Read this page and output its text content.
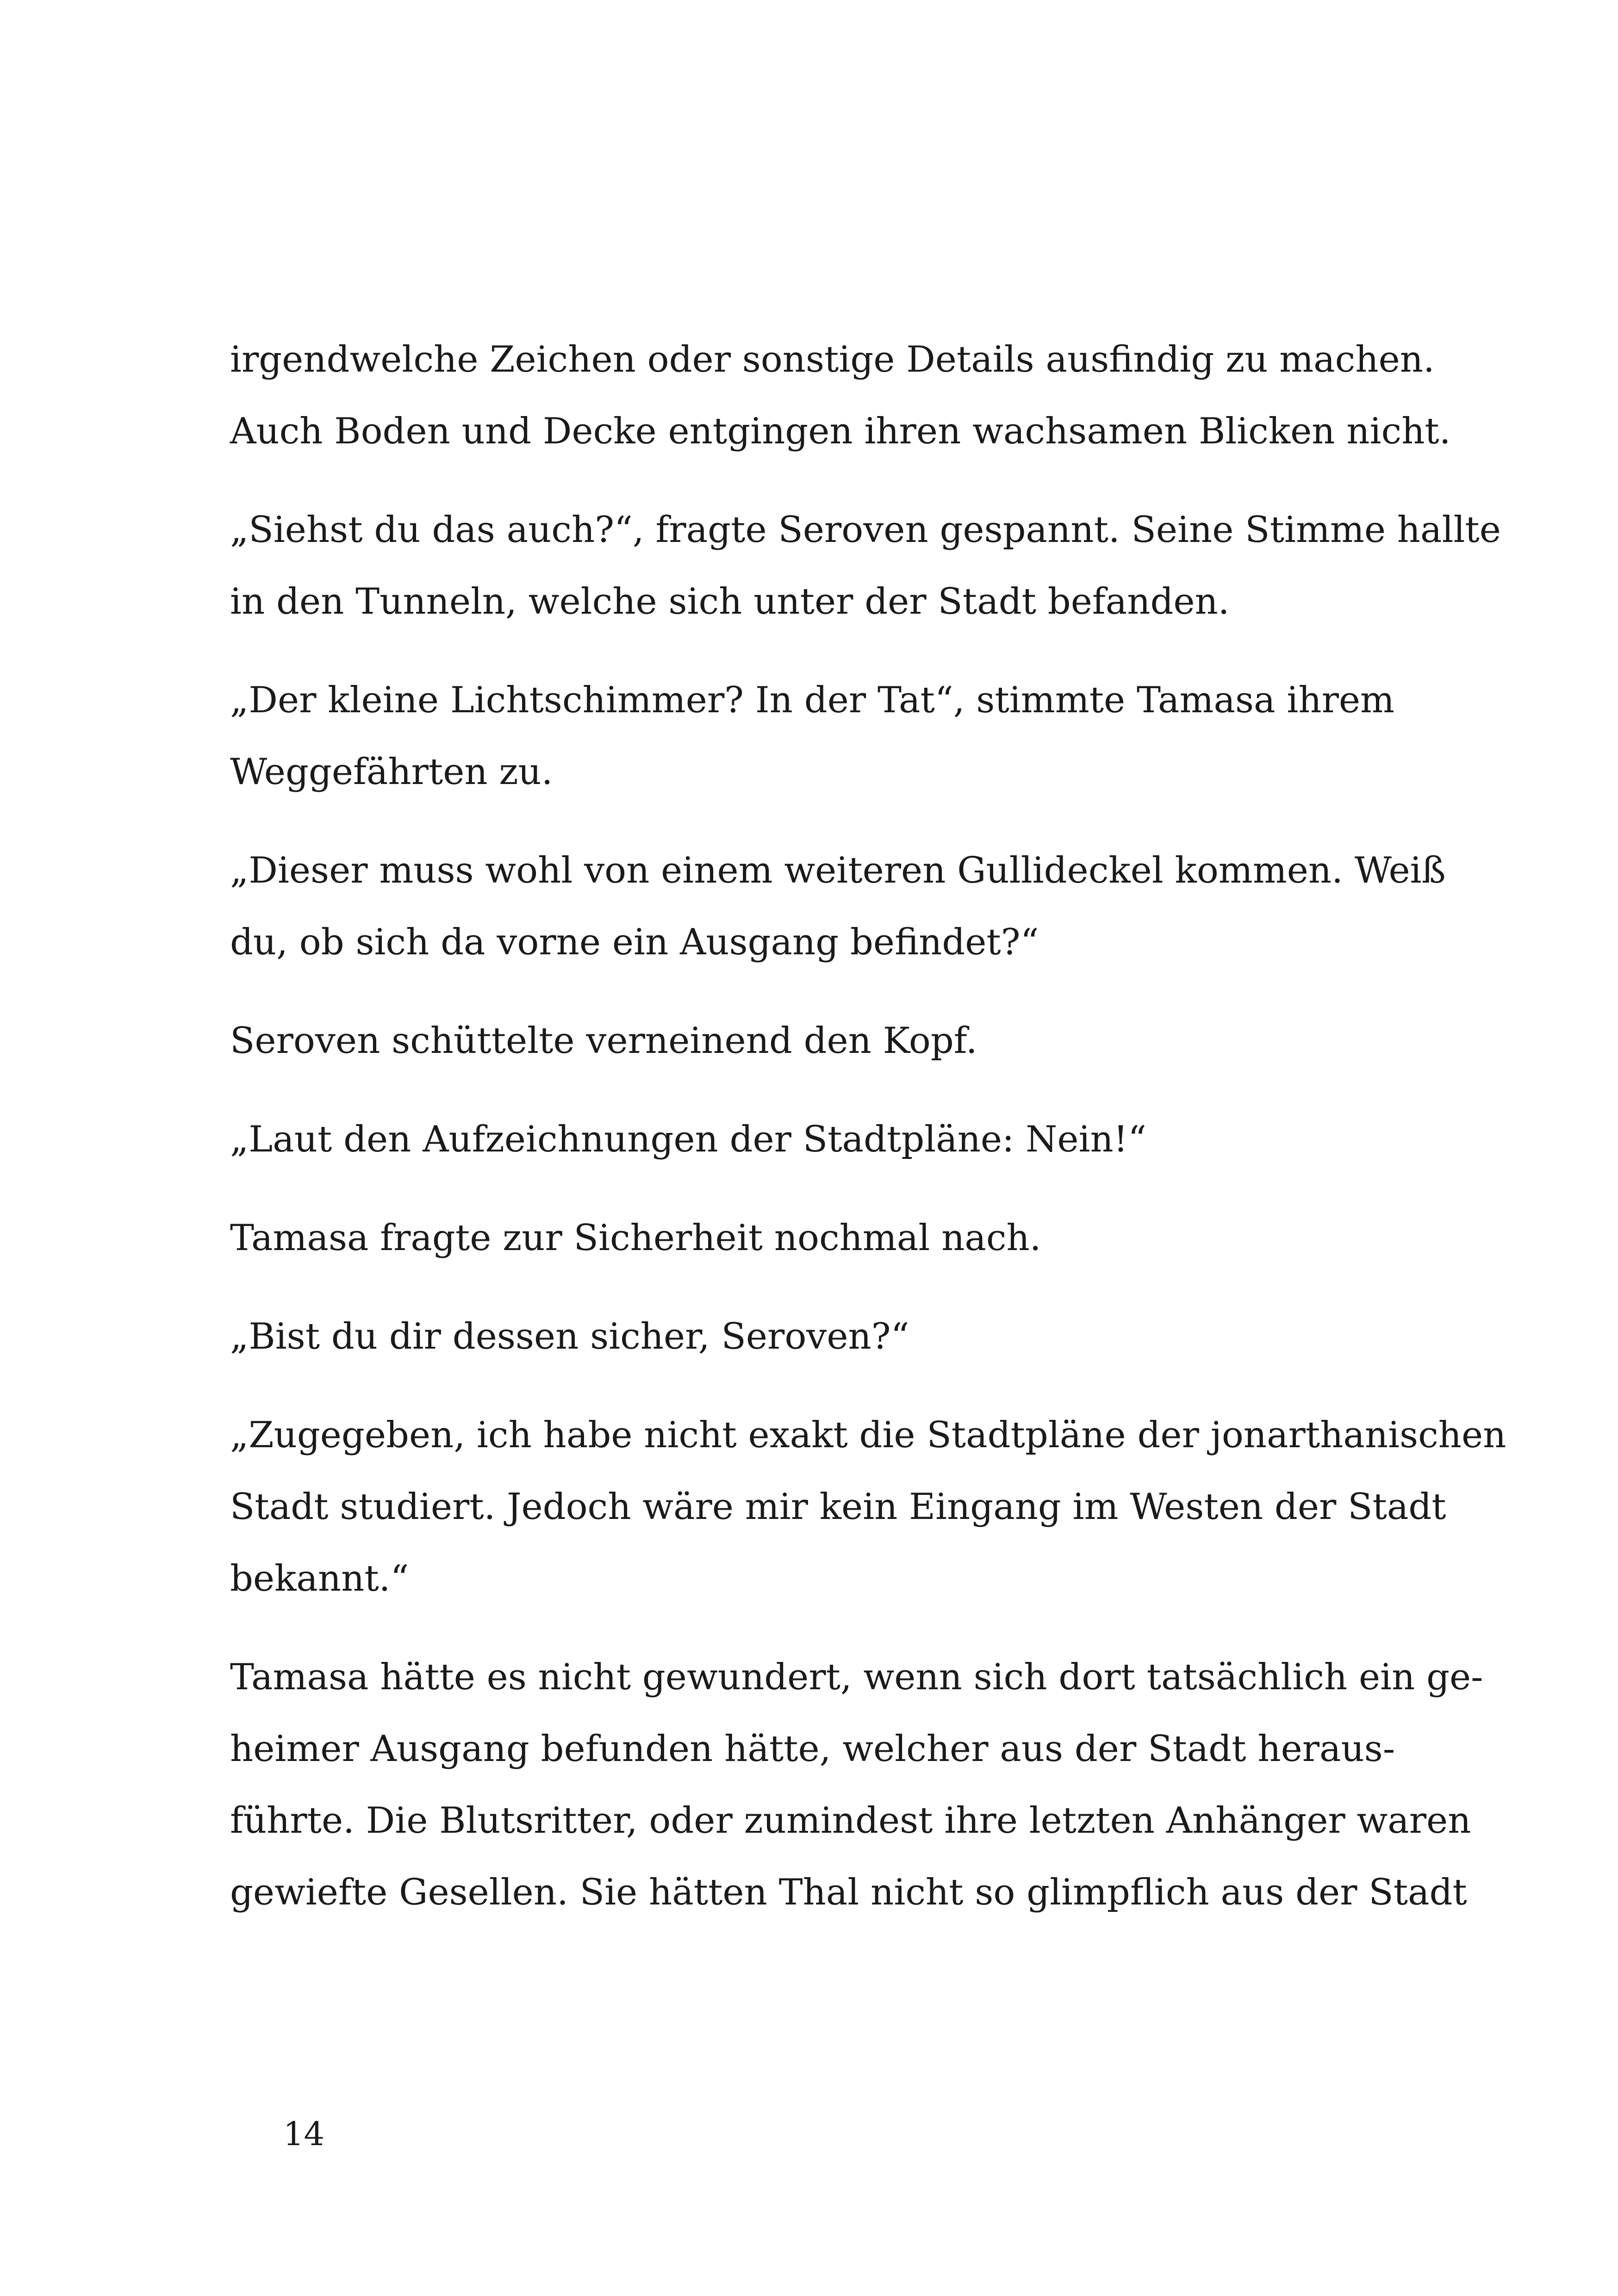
irgendwelche Zeichen oder sonstige Details ausfindig zu machen.
Auch Boden und Decke entgingen ihren wachsamen Blicken nicht.

„Siehst du das auch?“, fragte Seroven gespannt. Seine Stimme hallte
in den Tunneln, welche sich unter der Stadt befanden.

„Der kleine Lichtschimmer? In der Tat“, stimmte Tamasa ihrem
Weggefährten zu.

„Dieser muss wohl von einem weiteren Gullideckel kommen. Weiß
du, ob sich da vorne ein Ausgang befindet?“

Seroven schüttelte verneinend den Kopf.

„Laut den Aufzeichnungen der Stadtpläne: Nein!“

Tamasa fragte zur Sicherheit nochmal nach.

„Bist du dir dessen sicher, Seroven?“

„Zugegeben, ich habe nicht exakt die Stadtpläne der jonarthanischen
Stadt studiert. Jedoch wäre mir kein Eingang im Westen der Stadt
bekannt.“

Tamasa hätte es nicht gewundert, wenn sich dort tatsächlich ein ge-
heimer Ausgang befunden hätte, welcher aus der Stadt heraus-
führte. Die Blutsritter, oder zumindest ihre letzten Anhänger waren
gewiefte Gesellen. Sie hätten Thal nicht so glimpflich aus der Stadt

14
